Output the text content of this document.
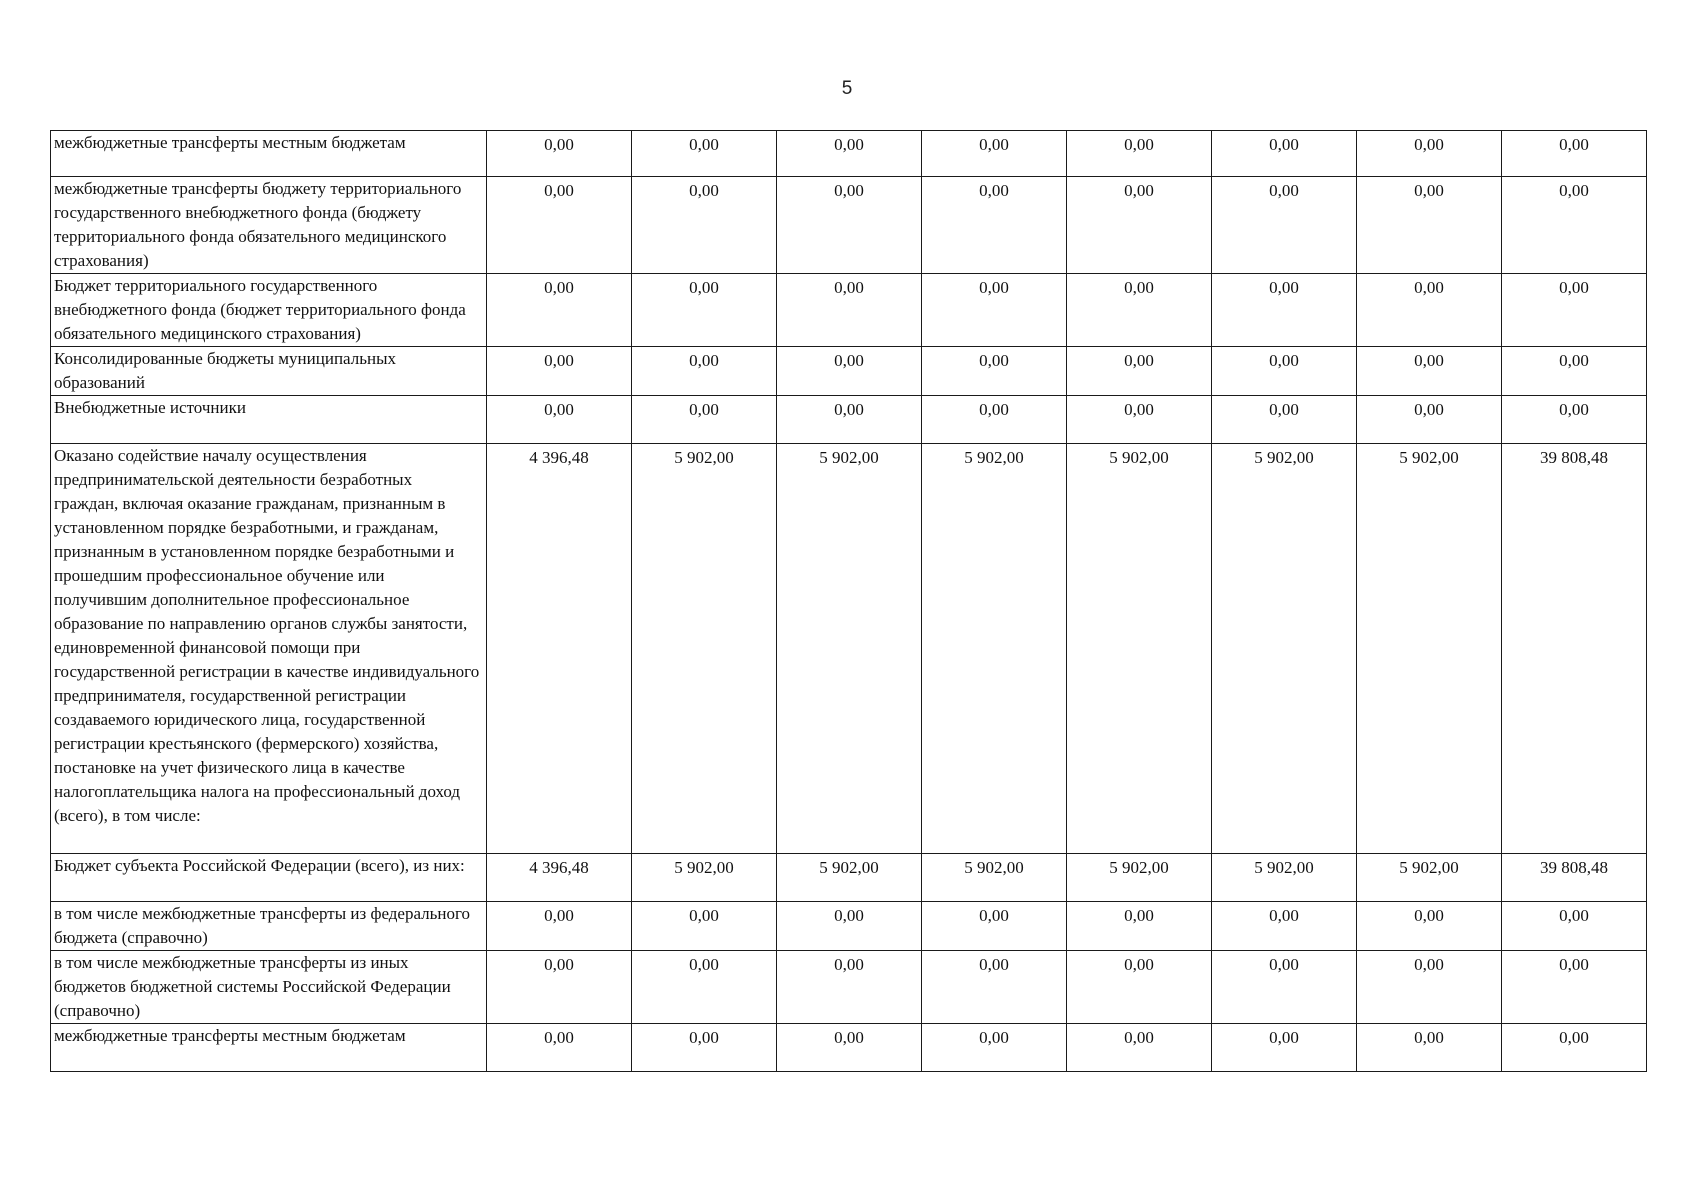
5
межбюджетные трансферты местным бюджетам	0,00	0,00	0,00	0,00	0,00	0,00	0,00	0,00
межбюджетные трансферты бюджету территориального государственного внебюджетного фонда (бюджету территориального фонда обязательного медицинского страхования)	0,00	0,00	0,00	0,00	0,00	0,00	0,00	0,00
Бюджет территориального государственного внебюджетного фонда (бюджет территориального фонда обязательного медицинского страхования)	0,00	0,00	0,00	0,00	0,00	0,00	0,00	0,00
Консолидированные бюджеты муниципальных образований	0,00	0,00	0,00	0,00	0,00	0,00	0,00	0,00
Внебюджетные источники	0,00	0,00	0,00	0,00	0,00	0,00	0,00	0,00
Оказано содействие началу осуществления предпринимательской деятельности безработных граждан, включая оказание гражданам, признанным в установленном порядке безработными, и гражданам, признанным в установленном порядке безработными и прошедшим профессиональное обучение или получившим дополнительное профессиональное образование по направлению органов службы занятости, единовременной финансовой помощи при государственной регистрации в качестве индивидуального предпринимателя, государственной регистрации создаваемого юридического лица, государственной регистрации крестьянского (фермерского) хозяйства, постановке на учет физического лица в качестве налогоплательщика налога на профессиональный доход (всего), в том числе:	4 396,48	5 902,00	5 902,00	5 902,00	5 902,00	5 902,00	5 902,00	39 808,48
Бюджет субъекта Российской Федерации (всего), из них:	4 396,48	5 902,00	5 902,00	5 902,00	5 902,00	5 902,00	5 902,00	39 808,48
в том числе межбюджетные трансферты из федерального бюджета (справочно)	0,00	0,00	0,00	0,00	0,00	0,00	0,00	0,00
в том числе межбюджетные трансферты из иных бюджетов бюджетной системы Российской Федерации (справочно)	0,00	0,00	0,00	0,00	0,00	0,00	0,00	0,00
межбюджетные трансферты местным бюджетам	0,00	0,00	0,00	0,00	0,00	0,00	0,00	0,00
